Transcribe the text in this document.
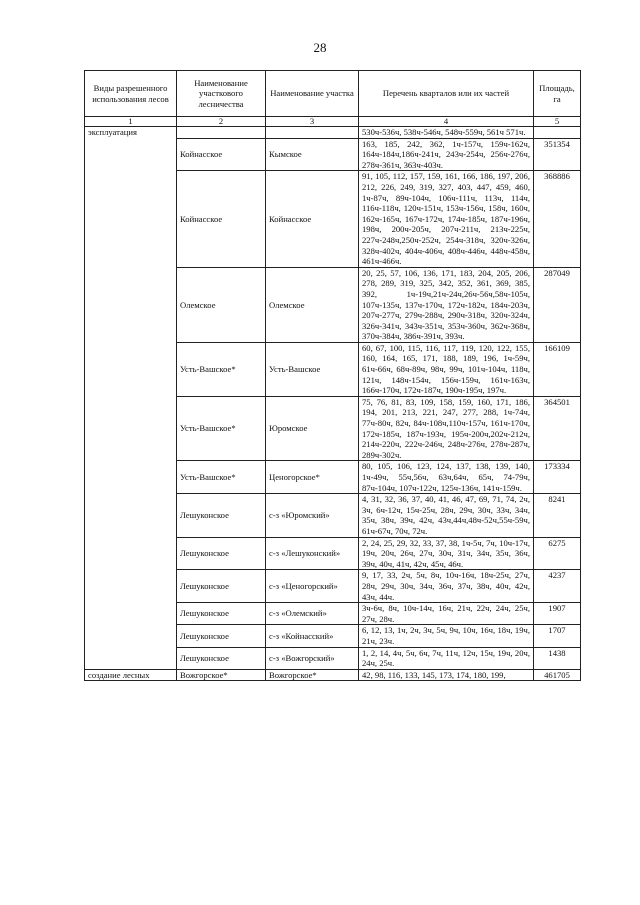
28
Виды разрешенного использования лесов	Наименование участкового лесничества	Наименование участка	Перечень кварталов или их частей	Площадь, га
1	2	3	4	5
эксплуатация			530ч-536ч, 538ч-546ч, 548ч-559ч, 561ч 571ч.	
	Койнасское	Кымское	163, 185, 242, 362, 1ч-157ч, 159ч-162ч, 164ч-184ч,186ч-241ч, 243ч-254ч, 256ч-276ч, 278ч-361ч, 363ч-403ч.	351354
	Койнасское	Койнасское	91, 105, 112, 157, 159, 161, 166, 186, 197, 206, 212, 226, 249, 319, 327, 403, 447, 459, 460, 1ч-87ч, 89ч-104ч, 106ч-111ч, 113ч, 114ч, 116ч-118ч, 120ч-151ч, 153ч-156ч, 158ч, 160ч, 162ч-165ч, 167ч-172ч, 174ч-185ч, 187ч-196ч, 198ч, 200ч-205ч, 207ч-211ч, 213ч-225ч, 227ч-248ч,250ч-252ч, 254ч-318ч, 320ч-326ч, 328ч-402ч, 404ч-406ч, 408ч-446ч, 448ч-458ч, 461ч-466ч.	368886
	Олемское	Олемское	20, 25, 57, 106, 136, 171, 183, 204, 205, 206, 278, 289, 319, 325, 342, 352, 361, 369, 385, 392, 1ч-19ч,21ч-24ч,26ч-56ч,58ч-105ч, 107ч-135ч, 137ч-170ч, 172ч-182ч, 184ч-203ч, 207ч-277ч, 279ч-288ч, 290ч-318ч, 320ч-324ч, 326ч-341ч, 343ч-351ч, 353ч-360ч, 362ч-368ч, 370ч-384ч, 386ч-391ч, 393ч.	287049
	Усть-Вашское*	Усть-Вашское	60, 67, 100, 115, 116, 117, 119, 120, 122, 155, 160, 164, 165, 171, 188, 189, 196, 1ч-59ч, 61ч-66ч, 68ч-89ч, 98ч, 99ч, 101ч-104ч, 118ч, 121ч, 148ч-154ч, 156ч-159ч, 161ч-163ч, 166ч-170ч, 172ч-187ч, 190ч-195ч, 197ч.	166109
	Усть-Вашское*	Юромское	75, 76, 81, 83, 109, 158, 159, 160, 171, 186, 194, 201, 213, 221, 247, 277, 288, 1ч-74ч, 77ч-80ч, 82ч, 84ч-108ч,110ч-157ч, 161ч-170ч, 172ч-185ч, 187ч-193ч, 195ч-200ч,202ч-212ч, 214ч-220ч, 222ч-246ч, 248ч-276ч, 278ч-287ч, 289ч-302ч.	364501
	Усть-Вашское*	Ценогорское*	80, 105, 106, 123, 124, 137, 138, 139, 140, 1ч-49ч, 55ч,56ч, 63ч,64ч, 65ч, 74-79ч, 87ч-104ч, 107ч-122ч, 125ч-136ч, 141ч-159ч.	173334
	Лешуконское	с-з «Юромский»	4, 31, 32, 36, 37, 40, 41, 46, 47, 69, 71, 74, 2ч, 3ч, 6ч-12ч, 15ч-25ч, 28ч, 29ч, 30ч, 33ч, 34ч, 35ч, 38ч, 39ч, 42ч, 43ч,44ч,48ч-52ч,55ч-59ч, 61ч-67ч, 70ч, 72ч.	8241
	Лешуконское	с-з «Лешуконский»	2, 24, 25, 29, 32, 33, 37, 38, 1ч-5ч, 7ч, 10ч-17ч, 19ч, 20ч, 26ч, 27ч, 30ч, 31ч, 34ч, 35ч, 36ч, 39ч, 40ч, 41ч, 42ч, 45ч, 46ч.	6275
	Лешуконское	с-з «Ценогорский»	9, 17, 33, 2ч, 5ч, 8ч, 10ч-16ч, 18ч-25ч, 27ч, 28ч, 29ч, 30ч, 34ч, 36ч, 37ч, 38ч, 40ч, 42ч, 43ч, 44ч.	4237
	Лешуконское	с-з «Олемский»	3ч-6ч, 8ч, 10ч-14ч, 16ч, 21ч, 22ч, 24ч, 25ч, 27ч, 28ч.	1907
	Лешуконское	с-з «Койнасский»	6, 12, 13, 1ч, 2ч, 3ч, 5ч, 9ч, 10ч, 16ч, 18ч, 19ч, 21ч, 23ч.	1707
	Лешуконское	с-з «Вожгорский»	1, 2, 14, 4ч, 5ч, 6ч, 7ч, 11ч, 12ч, 15ч, 19ч, 20ч, 24ч, 25ч.	1438
создание лесных	Вожгорское*	Вожгорское*	42, 98, 116, 133, 145, 173, 174, 180, 199,	461705
